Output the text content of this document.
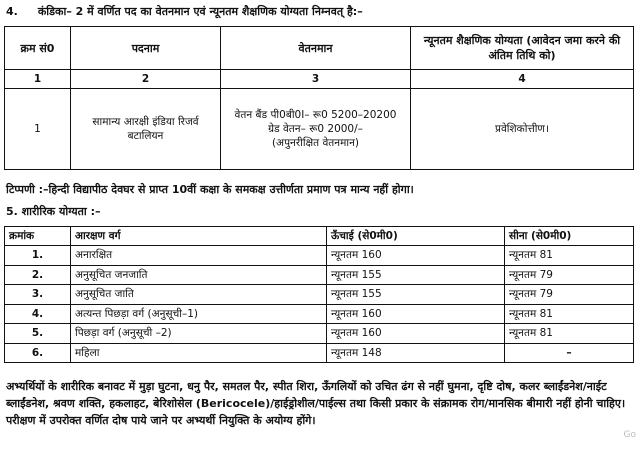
4. कंडिका– 2 में वर्णित पद का वेतनमान एवं न्यूनतम शैक्षणिक योग्यता निम्नवत् है:–
क्रम सं0	पदनाम	वेतनमान	न्यूनतम शैक्षणिक योग्यता (आवेदन जमा करने की अंतिम तिथि को)
1	2	3	4
1	सामान्य आरक्षी इंडिया रिजर्व बटालियन	वेतन बैंड पी0बी0I– रू0 5200–20200
ग्रेड वेतन– रू0 2000/–
(अपुनरीक्षित वेतनमान)	प्रवेशिकोत्तीण।
टिप्पणी :–हिन्दी विद्यापीठ देवघर से प्राप्त 10वीं कक्षा के समकक्ष उत्तीर्णता प्रमाण पत्र मान्य नहीं होगा।
5. शारीरिक योग्यता :–
क्रमांक	आरक्षण वर्ग	ऊँचाई (से0मी0)	सीना (से0मी0)
1.	अनारक्षित	न्यूनतम 160	न्यूनतम 81
2.	अनुसूचित जनजाति	न्यूनतम 155	न्यूनतम 79
3.	अनुसूचित जाति	न्यूनतम 155	न्यूनतम 79
4.	अत्यन्त पिछड़ा वर्ग (अनुसूची–1)	न्यूनतम 160	न्यूनतम 81
5.	पिछड़ा वर्ग (अनुसूची –2)	न्यूनतम 160	न्यूनतम 81
6.	महिला	न्यूनतम 148	–
अभ्यर्थियों के शारीरिक बनावट में मुड़ा घुटना, धनु पैर, समतल पैर, स्पीत शिरा, ऊँगलियों को उचित ढंग से नहीं घुमना, दृष्टि दोष, कलर ब्लाईंडनेश/नाईट ब्लाईंडनेश, श्रवण शक्ति, हकलाहट, बेरिशोसेल (Bericocele)/हाईड्रोशील/पाईल्स तथा किसी प्रकार के संक्रामक रोग/मानसिक बीमारी नहीं होनी चाहिए। परीक्षण में उपरोक्त वर्णित दोष पाये जाने पर अभ्यर्थी नियुक्ति के अयोग्य होंगे।
Go
